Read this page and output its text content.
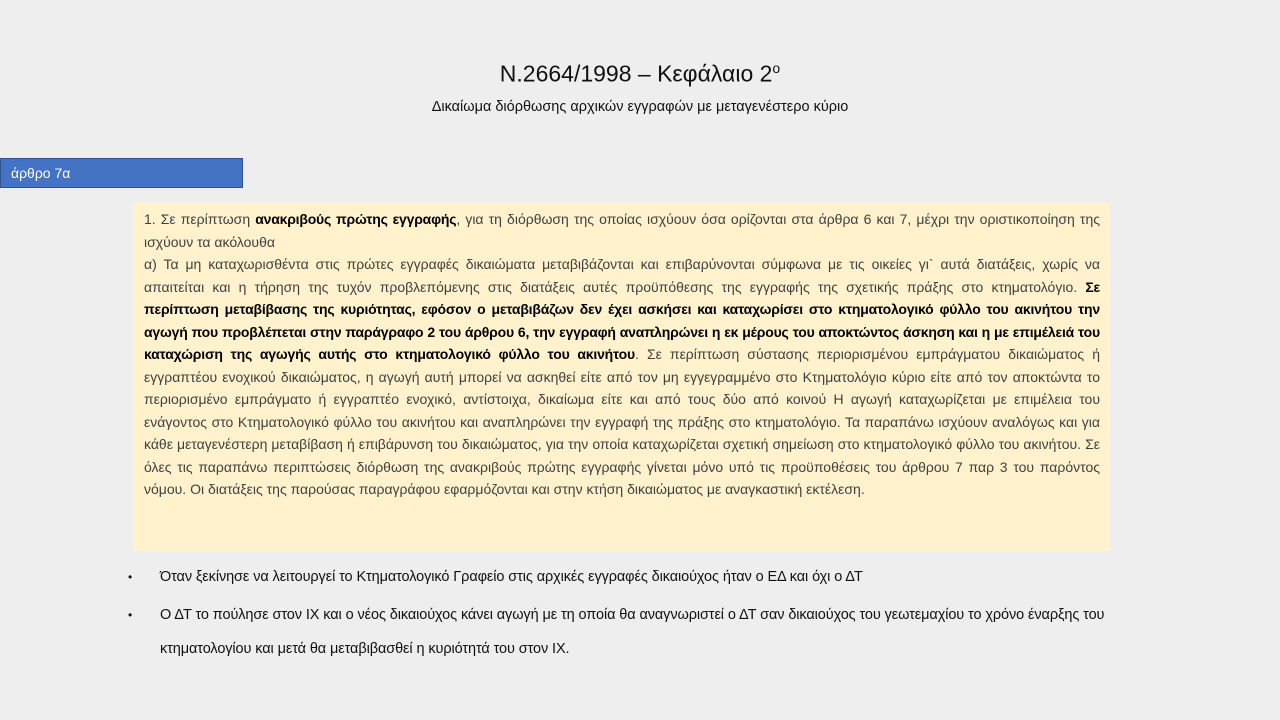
Ν.2664/1998 – Κεφάλαιο $2^o$
Δικαίωμα διόρθωσης αρχικών εγγραφών με μεταγενέστερο κύριο
άρθρο 7α

1. Σε περίπτωση ανακριβούς πρώτης εγγραφής, για τη διόρθωση της οποίας ισχύουν όσα ορίζονται στα άρθρα 6 και 7, μέχρι την οριστικοποίηση της ισχύουν τα ακόλουθα

α) Τα μη καταχωρισθέντα στις πρώτες εγγραφές δικαιώματα μεταβιβάζονται και επιβαρύνονται σύμφωνα με τις οικείες γι` αυτά διατάξεις, χωρίς να απαιτείται και η τήρηση της τυχόν προβλεπόμενης στις διατάξεις αυτές προϋπόθεσης της εγγραφής της σχετικής πράξης στο κτηματολόγιο. Σε περίπτωση μεταβίβασης της κυριότητας, εφόσον ο μεταβιβάζων δεν έχει ασκήσει και καταχωρίσει στο κτηματολογικό φύλλο του ακινήτου την αγωγή που προβλέπεται στην παράγραφο 2 του άρθρου 6, την εγγραφή αναπληρώνει η εκ μέρους του αποκτώντος άσκηση και η με επιμέλειά του καταχώριση της αγωγής αυτής στο κτηματολογικό φύλλο του ακινήτου. Σε περίπτωση σύστασης περιορισμένου εμπράγματου δικαιώματος ή εγγραπτέου ενοχικού δικαιώματος, η αγωγή αυτή μπορεί να ασκηθεί είτε από τον μη εγγεγραμμένο στο Κτηματολόγιο κύριο είτε από τον αποκτώντα το περιορισμένο εμπράγματο ή εγγραπτέο ενοχικό, αντίστοιχα, δικαίωμα είτε και από τους δύο από κοινού Η αγωγή καταχωρίζεται με επιμέλεια του ενάγοντος στο Κτηματολογικό φύλλο του ακινήτου και αναπληρώνει την εγγραφή της πράξης στο κτηματολόγιο. Τα παραπάνω ισχύουν αναλόγως και για κάθε μεταγενέστερη μεταβίβαση ή επιβάρυνση του δικαιώματος, για την οποία καταχωρίζεται σχετική σημείωση στο κτηματολογικό φύλλο του ακινήτου. Σε όλες τις παραπάνω περιπτώσεις διόρθωση της ανακριβούς πρώτης εγγραφής γίνεται μόνο υπό τις προϋποθέσεις του άρθρου 7 παρ 3 του παρόντος νόμου. Οι διατάξεις της παρούσας παραγράφου εφαρμόζονται και στην κτήση δικαιώματος με αναγκαστική εκτέλεση.

• Όταν ξεκίνησε να λειτουργεί το Κτηματολογικό Γραφείο στις αρχικές εγγραφές δικαιούχος ήταν ο ΕΔ και όχι ο ΔΤ
• Ο ΔΤ το πούλησε στον ΙΧ και ο νέος δικαιούχος κάνει αγωγή με τη οποία θα αναγνωριστεί ο ΔΤ σαν δικαιούχος του γεωτεμαχίου το χρόνο έναρξης του κτηματολογίου και μετά θα μεταβιβασθεί η κυριότητά του στον ΙΧ.
